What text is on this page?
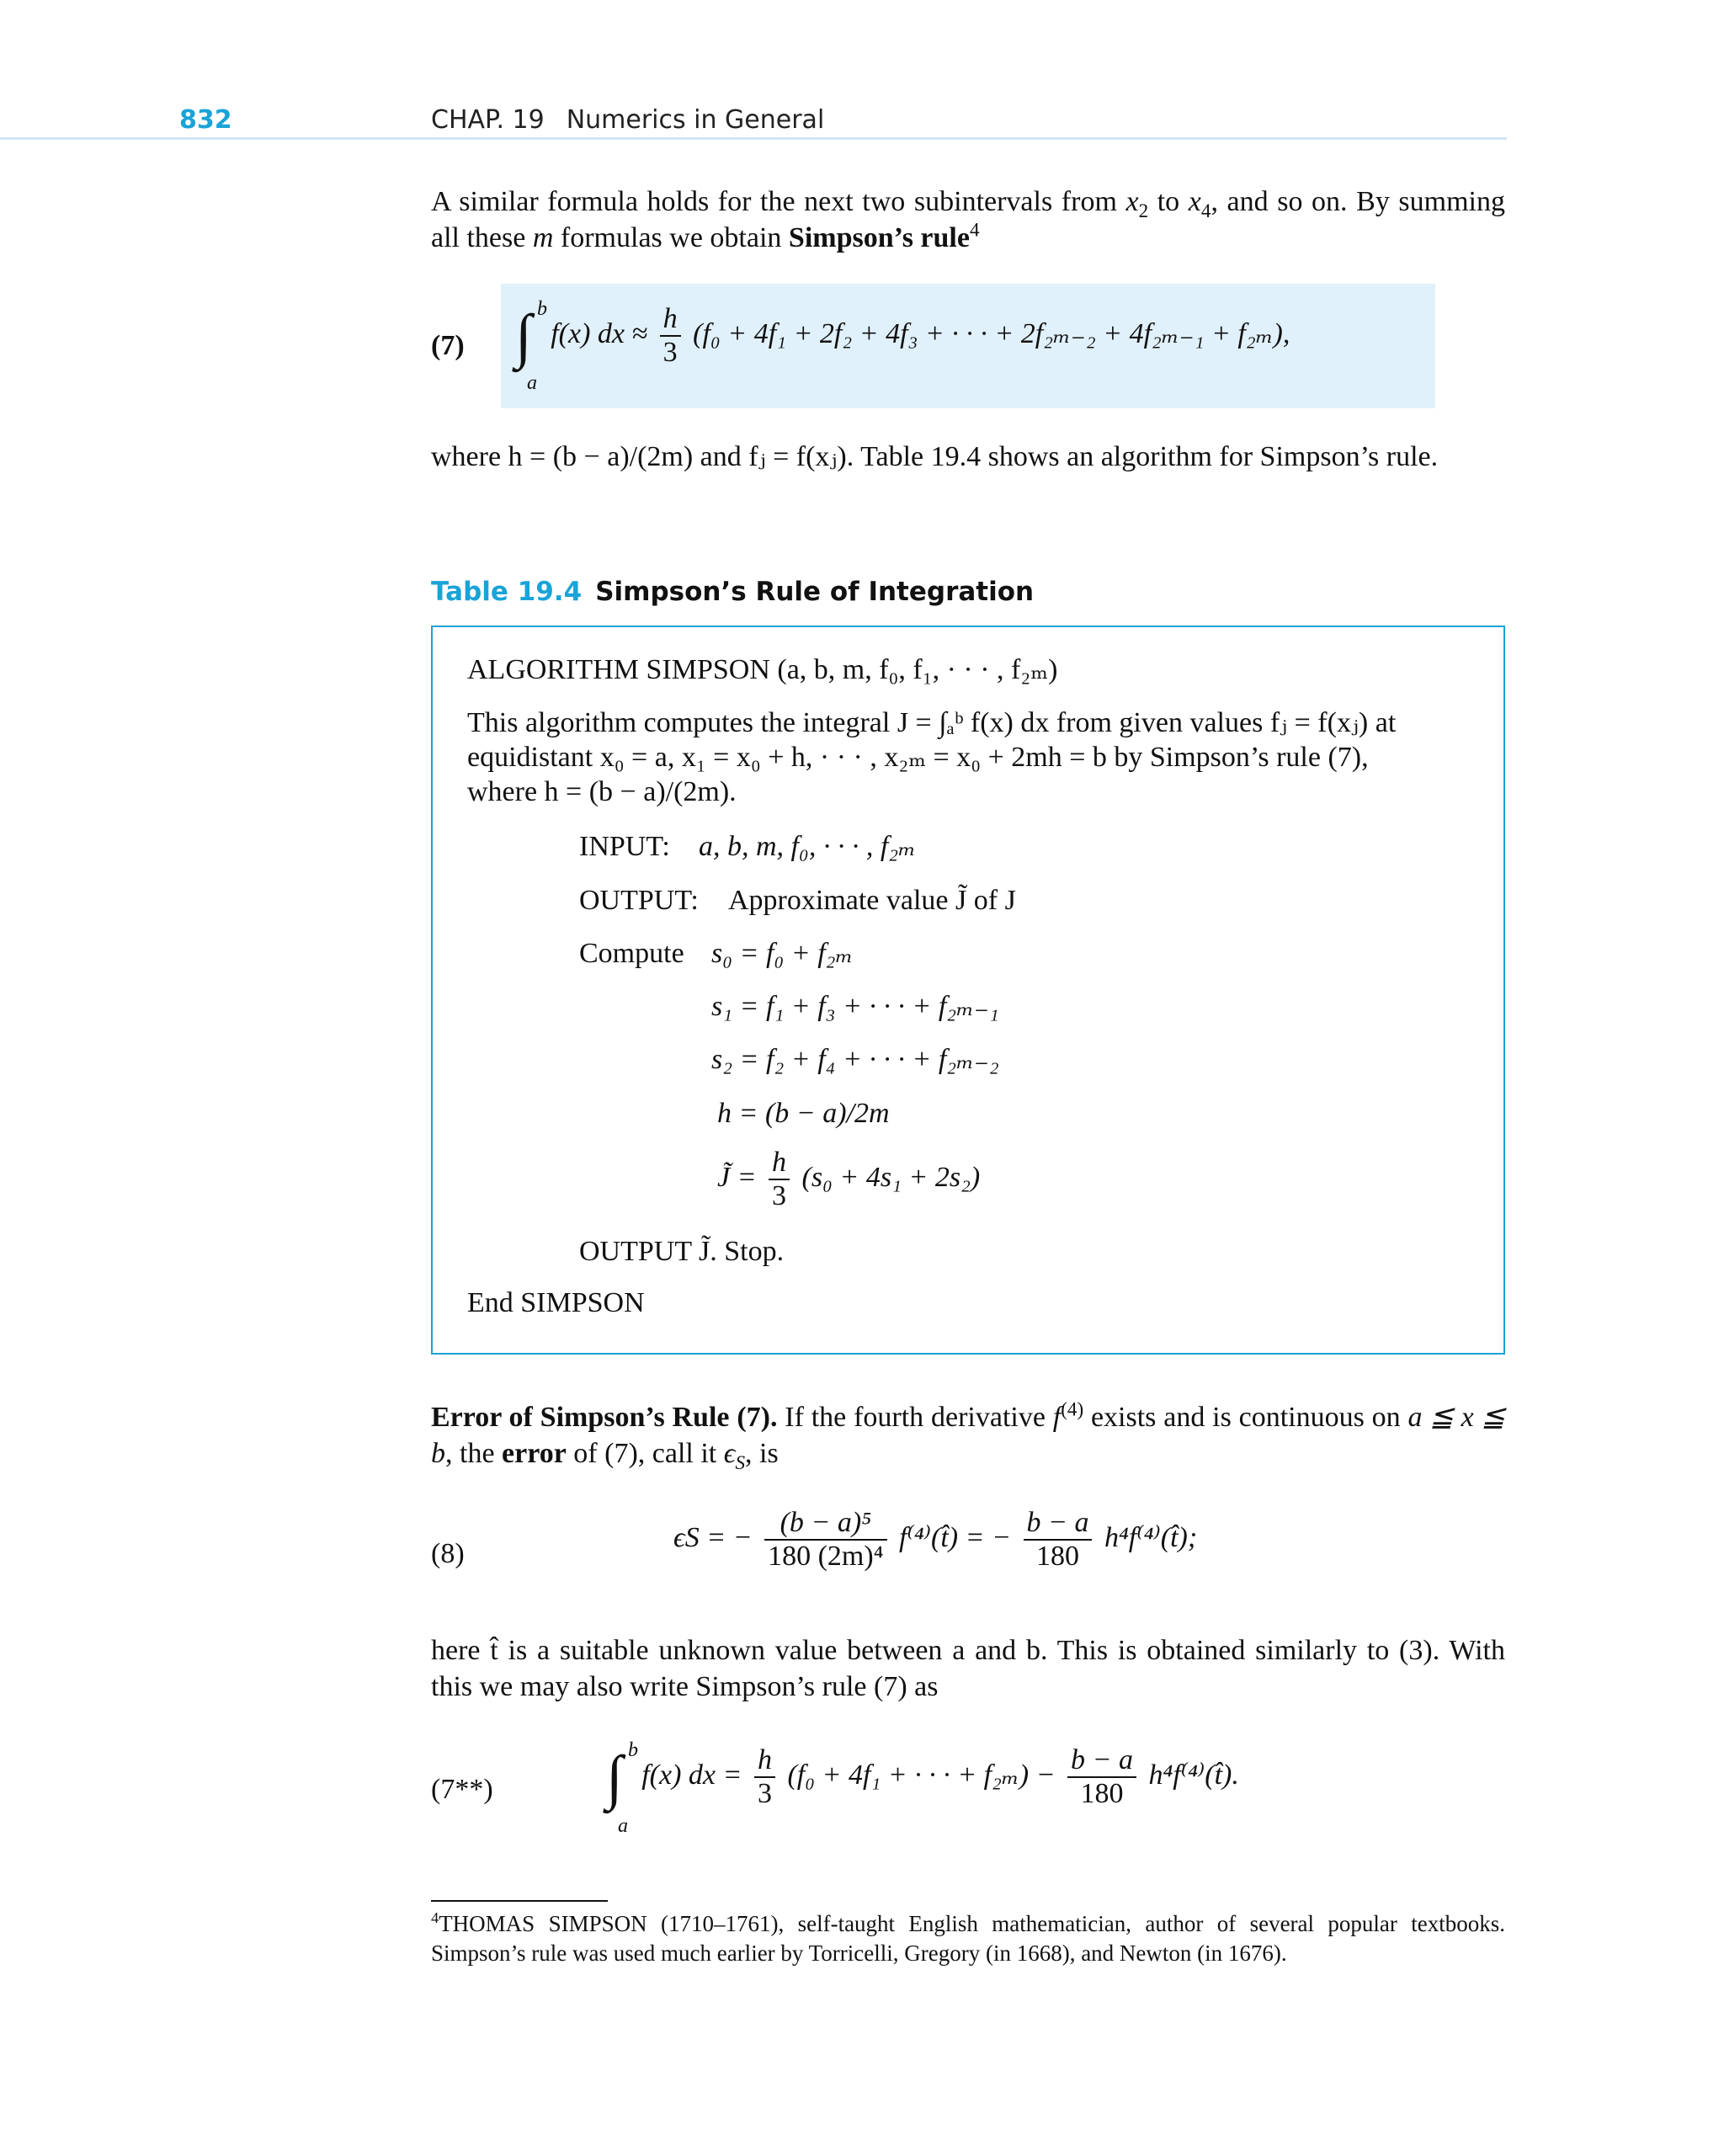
832	CHAP. 19 Numerics in General
A similar formula holds for the next two subintervals from $x_2$ to $x_4$, and so on. By summing all these m formulas we obtain Simpson’s rule$^4$
(7)
b
a
∫ f(x) dx ≈ $\frac{h}{3} (f_0 + 4f_1 + 2f_2 + 4f_3$ + · · · + 2f₂ₘ₋₂ + 4f₂ₘ₋₁ + f₂ₘ),
where h = (b − a)/(2m) and fⱼ = f(xⱼ). Table 19.4 shows an algorithm for Simpson’s rule.
Table 19.4 Simpson’s Rule of Integration
ALGORITHM SIMPSON (a, b, m, f₀, f₁, · · · , f₂ₘ)
This algorithm computes the integral J = ∫ₐᵇ f(x) dx from given values fⱼ = f(xⱼ) at
equidistant x₀ = a, x₁ = x₀ + h, · · · , x₂ₘ = x₀ + 2mh = b by Simpson’s rule (7),
where h = (b − a)/(2m).
INPUT: a, b, m, f₀, · · · , f₂ₘ
OUTPUT: Approximate value J̃ of J
Compute s₀ = f₀ + f₂ₘ
s₁ = f₁ + f₃ + · · · + f₂ₘ₋₁
s₂ = f₂ + f₄ + · · · + f₂ₘ₋₂
h = (b − a)/2m
J̃ = $\frac{h}{3} (s_0 + 4s_1 + 2s_2)$
OUTPUT J̃. Stop.
End SIMPSON
Error of Simpson’s Rule (7). If the fourth derivative $f^{(4)}$ exists and is continuous on a ≦ x ≦ b, the error of (7), call it $\epsilon_S$, is
(8)
ϵS = − $\frac{\text{(b − a)⁵}}{\text{180 (2m)⁴}}$ f⁽⁴⁾(t̂) = − $\frac{b - a}{180}$ h⁴f⁽⁴⁾(t̂);
here t̂ is a suitable unknown value between a and b. This is obtained similarly to (3). With this we may also write Simpson’s rule (7) as
(7**)
b
a
∫ f(x) dx = $\frac{h}{3} (f_0 + 4f_1$ + · · · + $f_{2m}) - \frac{b - a}{180}$ h⁴f⁽⁴⁾(t̂).
$^4$THOMAS SIMPSON (1710–1761), self-taught English mathematician, author of several popular textbooks. Simpson’s rule was used much earlier by Torricelli, Gregory (in 1668), and Newton (in 1676).
